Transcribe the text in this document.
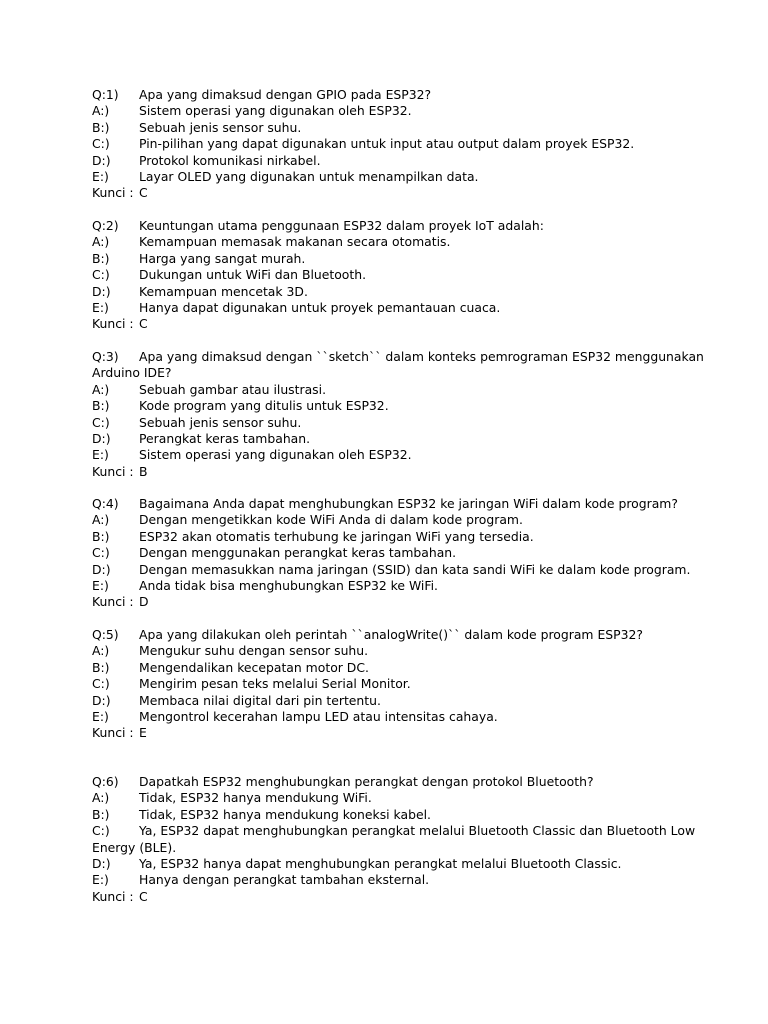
Q:1) Apa yang dimaksud dengan GPIO pada ESP32?
A:) Sistem operasi yang digunakan oleh ESP32.
B:) Sebuah jenis sensor suhu.
C:) Pin-pilihan yang dapat digunakan untuk input atau output dalam proyek ESP32.
D:) Protokol komunikasi nirkabel.
E:) Layar OLED yang digunakan untuk menampilkan data.
Kunci : C
Q:2) Keuntungan utama penggunaan ESP32 dalam proyek IoT adalah:
A:) Kemampuan memasak makanan secara otomatis.
B:) Harga yang sangat murah.
C:) Dukungan untuk WiFi dan Bluetooth.
D:) Kemampuan mencetak 3D.
E:) Hanya dapat digunakan untuk proyek pemantauan cuaca.
Kunci : C
Q:3) Apa yang dimaksud dengan ``sketch`` dalam konteks pemrograman ESP32 menggunakan
Arduino IDE?
A:) Sebuah gambar atau ilustrasi.
B:) Kode program yang ditulis untuk ESP32.
C:) Sebuah jenis sensor suhu.
D:) Perangkat keras tambahan.
E:) Sistem operasi yang digunakan oleh ESP32.
Kunci : B
Q:4) Bagaimana Anda dapat menghubungkan ESP32 ke jaringan WiFi dalam kode program?
A:) Dengan mengetikkan kode WiFi Anda di dalam kode program.
B:) ESP32 akan otomatis terhubung ke jaringan WiFi yang tersedia.
C:) Dengan menggunakan perangkat keras tambahan.
D:) Dengan memasukkan nama jaringan (SSID) dan kata sandi WiFi ke dalam kode program.
E:) Anda tidak bisa menghubungkan ESP32 ke WiFi.
Kunci : D
Q:5) Apa yang dilakukan oleh perintah ``analogWrite()`` dalam kode program ESP32?
A:) Mengukur suhu dengan sensor suhu.
B:) Mengendalikan kecepatan motor DC.
C:) Mengirim pesan teks melalui Serial Monitor.
D:) Membaca nilai digital dari pin tertentu.
E:) Mengontrol kecerahan lampu LED atau intensitas cahaya.
Kunci : E
Q:6) Dapatkah ESP32 menghubungkan perangkat dengan protokol Bluetooth?
A:) Tidak, ESP32 hanya mendukung WiFi.
B:) Tidak, ESP32 hanya mendukung koneksi kabel.
C:) Ya, ESP32 dapat menghubungkan perangkat melalui Bluetooth Classic dan Bluetooth Low
Energy (BLE).
D:) Ya, ESP32 hanya dapat menghubungkan perangkat melalui Bluetooth Classic.
E:) Hanya dengan perangkat tambahan eksternal.
Kunci : C
